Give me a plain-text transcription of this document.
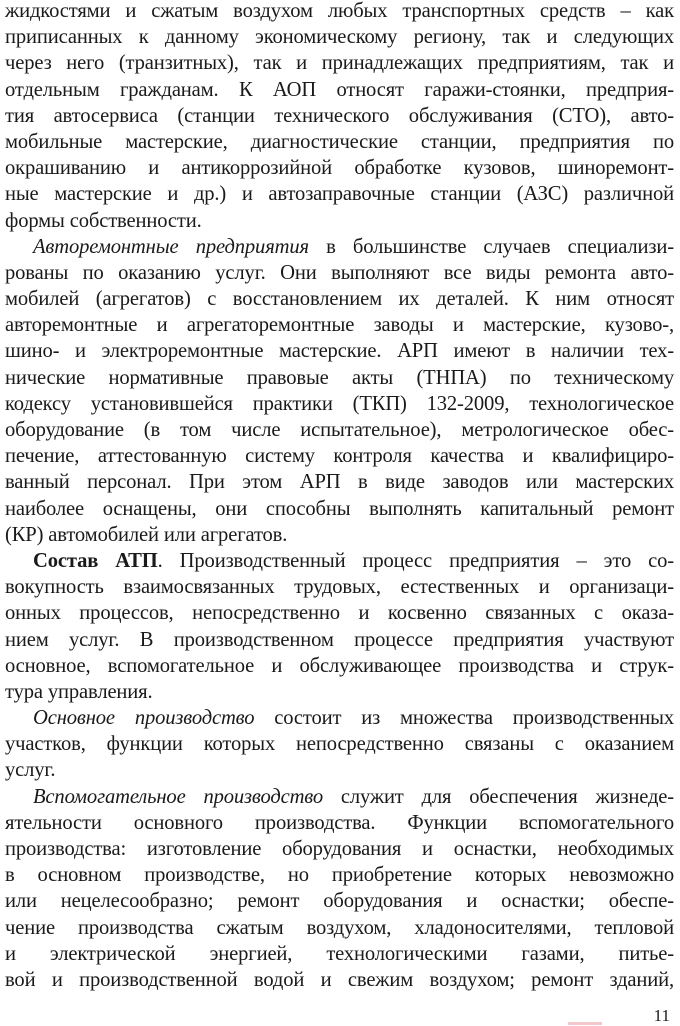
жидкостями и сжатым воздухом любых транспортных средств – как
приписанных к данному экономическому региону, так и следующих
через него (транзитных), так и принадлежащих предприятиям, так и
отдельным гражданам. К АОП относят гаражи-стоянки, предприя-
тия автосервиса (станции технического обслуживания (СТО), авто-
мобильные мастерские, диагностические станции, предприятия по
окрашиванию и антикоррозийной обработке кузовов, шиноремонт-
ные мастерские и др.) и автозаправочные станции (АЗС) различной
формы собственности.
Авторемонтные предприятия в большинстве случаев специализи-
рованы по оказанию услуг. Они выполняют все виды ремонта авто-
мобилей (агрегатов) с восстановлением их деталей. К ним относят
авторемонтные и агрегаторемонтные заводы и мастерские, кузово-,
шино- и электроремонтные мастерские. АРП имеют в наличии тех-
нические нормативные правовые акты (ТНПА) по техническому
кодексу установившейся практики (ТКП) 132-2009, технологическое
оборудование (в том числе испытательное), метрологическое обес-
печение, аттестованную систему контроля качества и квалифициро-
ванный персонал. При этом АРП в виде заводов или мастерских
наиболее оснащены, они способны выполнять капитальный ремонт
(КР) автомобилей или агрегатов.
Состав АТП. Производственный процесс предприятия – это со-
вокупность взаимосвязанных трудовых, естественных и организаци-
онных процессов, непосредственно и косвенно связанных с оказа-
нием услуг. В производственном процессе предприятия участвуют
основное, вспомогательное и обслуживающее производства и струк-
тура управления.
Основное производство состоит из множества производственных
участков, функции которых непосредственно связаны с оказанием
услуг.
Вспомогательное производство служит для обеспечения жизнеде-
ятельности основного производства. Функции вспомогательного
производства: изготовление оборудования и оснастки, необходимых
в основном производстве, но приобретение которых невозможно
или нецелесообразно; ремонт оборудования и оснастки; обеспе-
чение производства сжатым воздухом, хладоносителями, тепловой
и электрической энергией, технологическими газами, питье-
вой и производственной водой и свежим воздухом; ремонт зданий,
11
